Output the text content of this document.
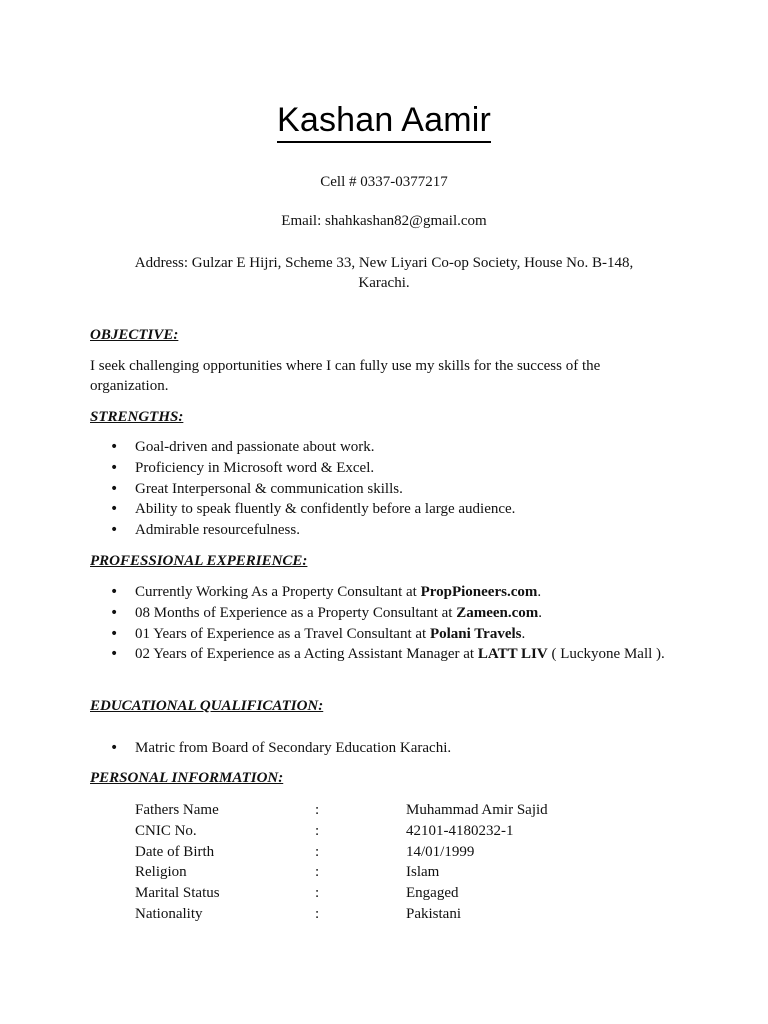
Kashan Aamir
Cell # 0337-0377217
Email: shahkashan82@gmail.com
Address: Gulzar E Hijri, Scheme 33, New Liyari Co-op Society, House No. B-148,
Karachi.
OBJECTIVE:
I seek challenging opportunities where I can fully use my skills for the success of the
organization.
STRENGTHS:
• Goal-driven and passionate about work.
• Proficiency in Microsoft word & Excel.
• Great Interpersonal & communication skills.
• Ability to speak fluently & confidently before a large audience.
• Admirable resourcefulness.
PROFESSIONAL EXPERIENCE:
• Currently Working As a Property Consultant at PropPioneers.com.
• 08 Months of Experience as a Property Consultant at Zameen.com.
• 01 Years of Experience as a Travel Consultant at Polani Travels.
• 02 Years of Experience as a Acting Assistant Manager at LATT LIV ( Luckyone Mall ).
EDUCATIONAL QUALIFICATION:
• Matric from Board of Secondary Education Karachi.
PERSONAL INFORMATION:
Fathers Name	:	Muhammad Amir Sajid
CNIC No.	:	42101-4180232-1
Date of Birth	:	14/01/1999
Religion	:	Islam
Marital Status	:	Engaged
Nationality	:	Pakistani
